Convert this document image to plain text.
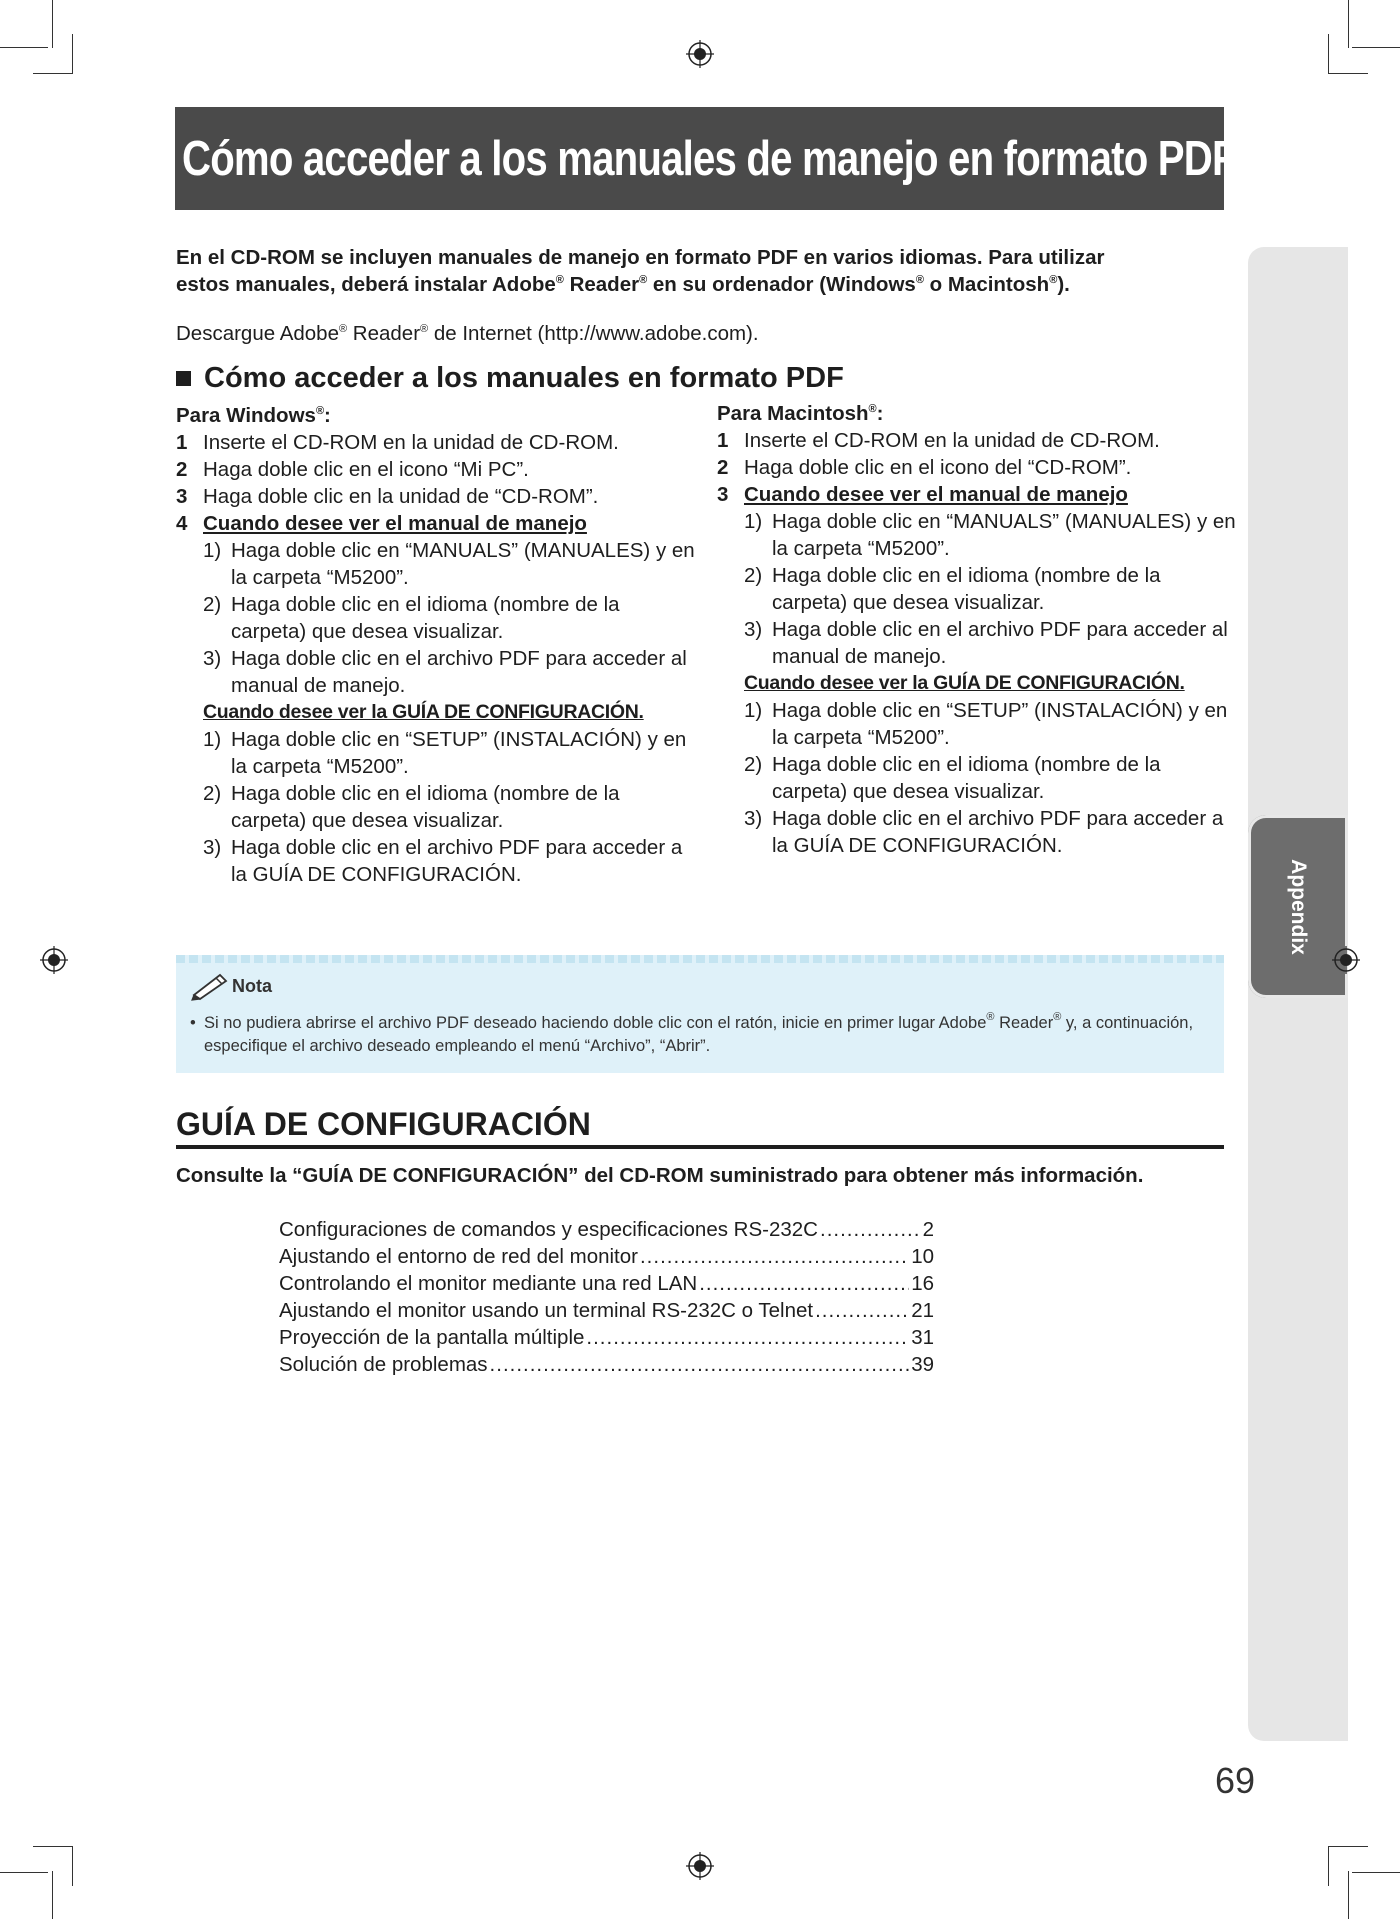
Appendix
Cómo acceder a los manuales de manejo en formato PDF
En el CD-ROM se incluyen manuales de manejo en formato PDF en varios idiomas. Para utilizar
estos manuales, deberá instalar Adobe® Reader® en su ordenador (Windows® o Macintosh®).
Descargue Adobe® Reader® de Internet (http://www.adobe.com).
Cómo acceder a los manuales en formato PDF
Para Windows®:
1 Inserte el CD-ROM en la unidad de CD-ROM.
2 Haga doble clic en el icono “Mi PC”.
3 Haga doble clic en la unidad de “CD-ROM”.
4 Cuando desee ver el manual de manejo
1) Haga doble clic en “MANUALS” (MANUALES) y en la carpeta “M5200”.
2) Haga doble clic en el idioma (nombre de la carpeta) que desea visualizar.
3) Haga doble clic en el archivo PDF para acceder al manual de manejo.
Cuando desee ver la GUÍA DE CONFIGURACIÓN.
1) Haga doble clic en “SETUP” (INSTALACIÓN) y en la carpeta “M5200”.
2) Haga doble clic en el idioma (nombre de la carpeta) que desea visualizar.
3) Haga doble clic en el archivo PDF para acceder a la GUÍA DE CONFIGURACIÓN.
Para Macintosh®:
1 Inserte el CD-ROM en la unidad de CD-ROM.
2 Haga doble clic en el icono del “CD-ROM”.
3 Cuando desee ver el manual de manejo
1) Haga doble clic en “MANUALS” (MANUALES) y en la carpeta “M5200”.
2) Haga doble clic en el idioma (nombre de la carpeta) que desea visualizar.
3) Haga doble clic en el archivo PDF para acceder al manual de manejo.
Cuando desee ver la GUÍA DE CONFIGURACIÓN.
1) Haga doble clic en “SETUP” (INSTALACIÓN) y en la carpeta “M5200”.
2) Haga doble clic en el idioma (nombre de la carpeta) que desea visualizar.
3) Haga doble clic en el archivo PDF para acceder a la GUÍA DE CONFIGURACIÓN.
Nota
• Si no pudiera abrirse el archivo PDF deseado haciendo doble clic con el ratón, inicie en primer lugar Adobe® Reader® y, a continuación, especifique el archivo deseado empleando el menú “Archivo”, “Abrir”.
GUÍA DE CONFIGURACIÓN
Consulte la “GUÍA DE CONFIGURACIÓN” del CD-ROM suministrado para obtener más información.
Configuraciones de comandos y especificaciones RS-232C .....	2
Ajustando el entorno de red del monitor .....	10
Controlando el monitor mediante una red LAN .....	16
Ajustando el monitor usando un terminal RS-232C o Telnet .....	21
Proyección de la pantalla múltiple .....	31
Solución de problemas .....	39
69
